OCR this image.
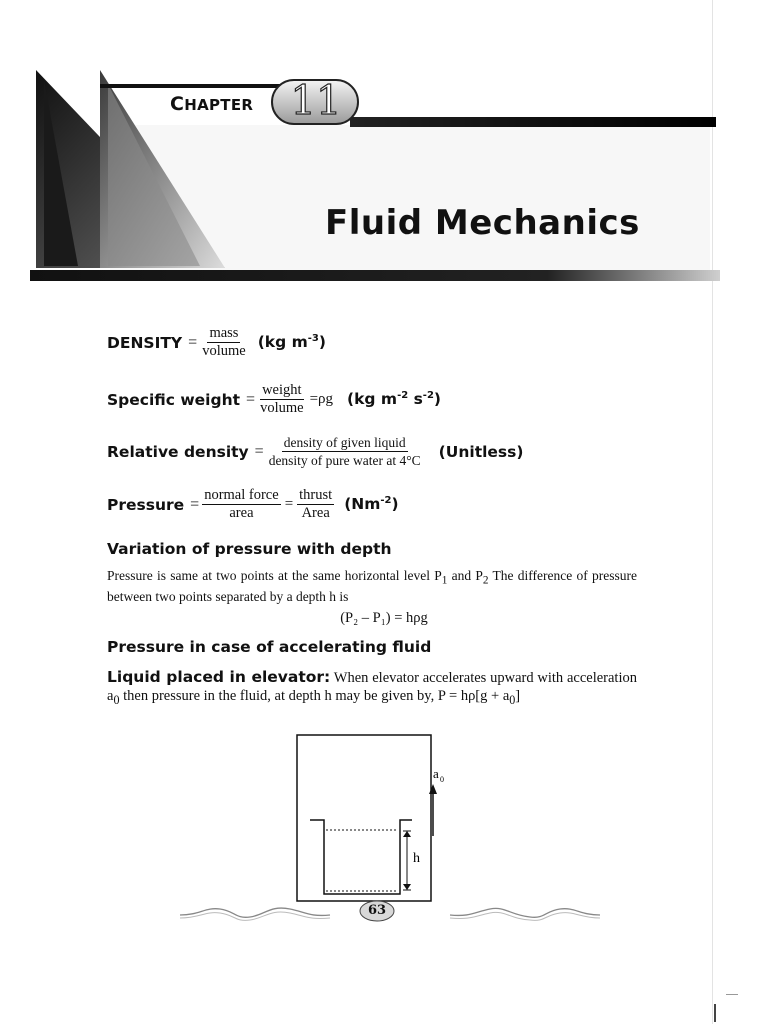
CHAPTER 11
Fluid Mechanics
DENSITY = $\frac{\text{mass}}{\text{volume}} (kg$ $m^{-3}$)
Specific weight = $\frac{\text{weight}}{\text{volume}} =\rho g$ (kg $m^{-2}$ $s^{-2}$)
Relative density = $\frac{\text{density of given liquid}}{\text{density of pure water at 4°C}}$ (Unitless)
Pressure = $\frac{\text{normal force}}{\text{area}} = \frac{\text{thrust}}{\text{Area}} (Nm^{-2})$
Variation of pressure with depth
Pressure is same at two points at the same horizontal level $P_1$ and $P_2$ The difference of pressure between two points separated by a depth h is
(P₂ – P₁) = hρg
Pressure in case of accelerating fluid
Liquid placed in elevator: When elevator accelerates upward with acceleration $a_0$ then pressure in the fluid, at depth h may be given by, $P = h\rho[g + a_0]$
a 0
h
63
